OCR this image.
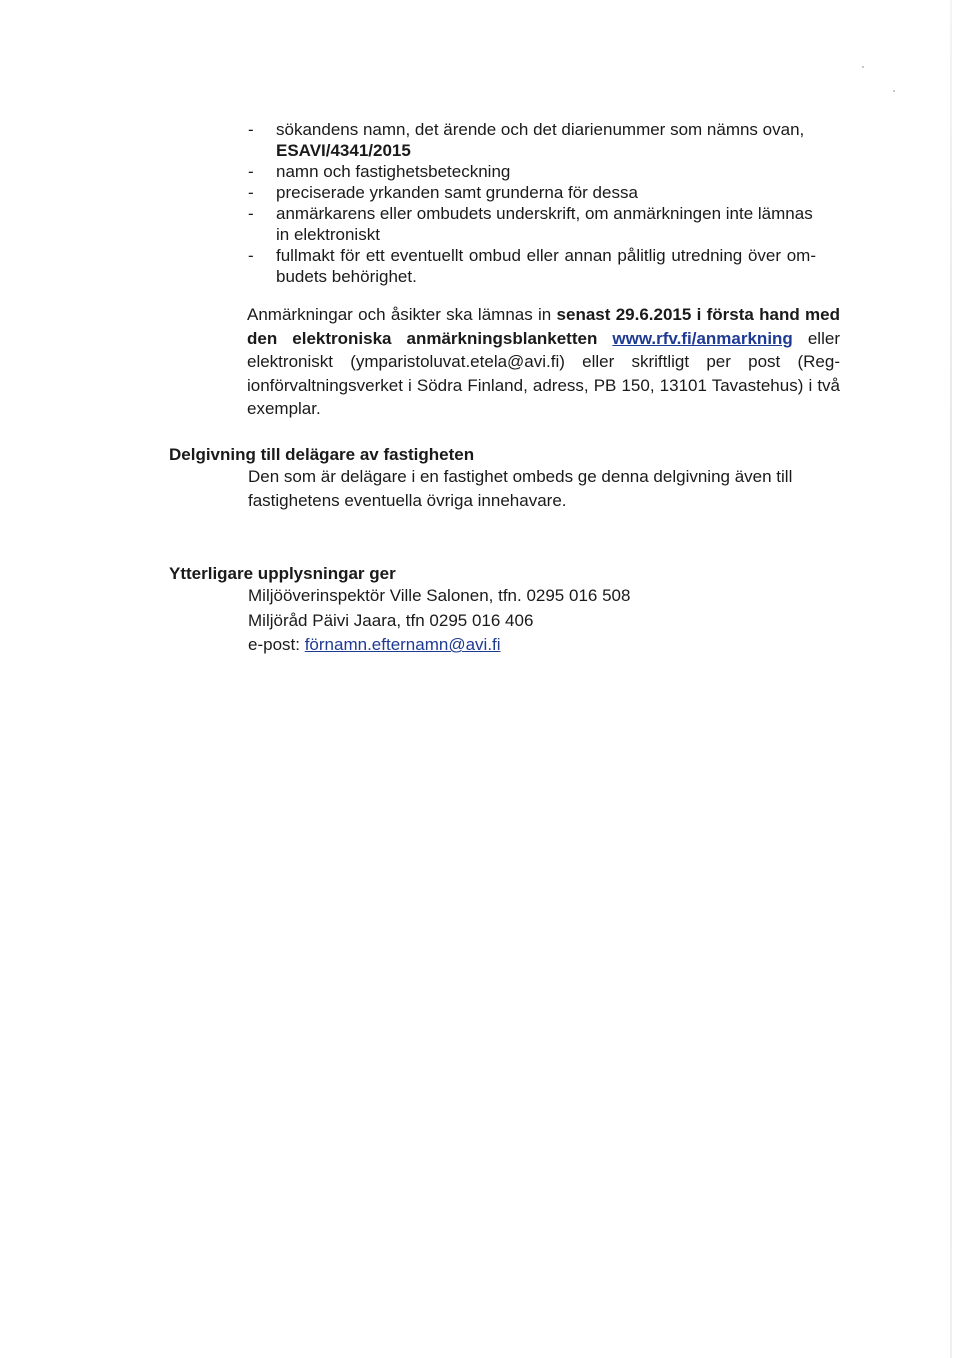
- sökandens namn, det ärende och det diarienummer som nämns ovan,
ESAVI/4341/2015
- namn och fastighetsbeteckning
- preciserade yrkanden samt grunderna för dessa
- anmärkarens eller ombudets underskrift, om anmärkningen inte lämnas in elektroniskt
- fullmakt för ett eventuellt ombud eller annan pålitlig utredning över om-budets behörighet.
Anmärkningar och åsikter ska lämnas in senast 29.6.2015 i första hand med den elektroniska anmärkningsblanketten www.rfv.fi/anmarkning eller elektroniskt (ymparistoluvat.etela@avi.fi) eller skriftligt per post (Reg-ionförvaltningsverket i Södra Finland, adress, PB 150, 13101 Tavastehus) i två exemplar.
Delgivning till delägare av fastigheten
Den som är delägare i en fastighet ombeds ge denna delgivning även till fastighetens eventuella övriga innehavare.
Ytterligare upplysningar ger
Miljööverinspektör Ville Salonen, tfn. 0295 016 508
Miljöråd Päivi Jaara, tfn 0295 016 406
e-post: förnamn.efternamn@avi.fi
